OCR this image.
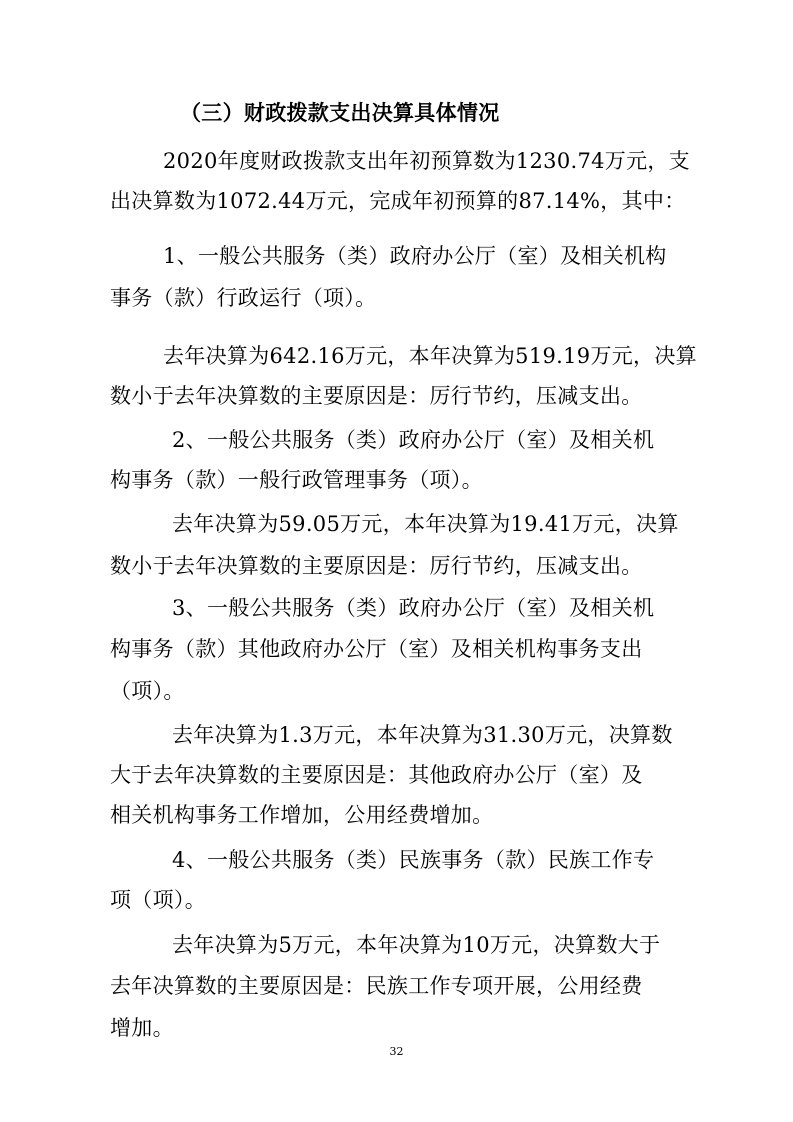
（三）财政拨款支出决算具体情况
2020年度财政拨款支出年初预算数为1230.74万元，支
出决算数为1072.44万元，完成年初预算的87.14%，其中：
1、一般公共服务（类）政府办公厅（室）及相关机构
事务（款）行政运行（项）。
去年决算为642.16万元，本年决算为519.19万元，决算
数小于去年决算数的主要原因是：厉行节约，压减支出。
2、一般公共服务（类）政府办公厅（室）及相关机
构事务（款）一般行政管理事务（项）。
去年决算为59.05万元，本年决算为19.41万元，决算
数小于去年决算数的主要原因是：厉行节约，压减支出。
3、一般公共服务（类）政府办公厅（室）及相关机
构事务（款）其他政府办公厅（室）及相关机构事务支出
（项）。
去年决算为1.3万元，本年决算为31.30万元，决算数
大于去年决算数的主要原因是：其他政府办公厅（室）及
相关机构事务工作增加，公用经费增加。
4、一般公共服务（类）民族事务（款）民族工作专
项（项）。
去年决算为5万元，本年决算为10万元，决算数大于
去年决算数的主要原因是：民族工作专项开展，公用经费
增加。
32
